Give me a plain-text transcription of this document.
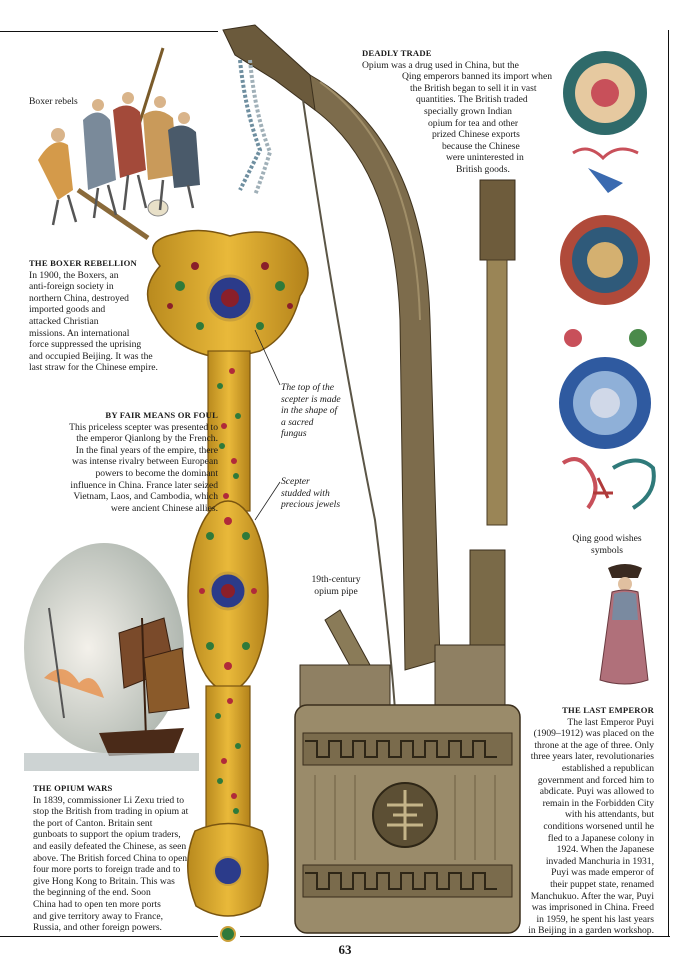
Boxer rebels
THE BOXER REBELLION
In 1900, the Boxers, an
anti-foreign society in
northern China, destroyed
imported goods and
attacked Christian
missions. An international
force suppressed the uprising
and occupied Beijing. It was the
last straw for the Chinese empire.
DEADLY TRADE
Opium was a drug used in China, but the
Qing emperors banned its import when
the British began to sell it in vast
quantities. The British traded
specially grown Indian
opium for tea and other
prized Chinese exports
because the Chinese
were uninterested in
British goods.
BY FAIR MEANS OR FOUL
This priceless scepter was presented to
the emperor Qianlong by the French.
In the final years of the empire, there
was intense rivalry between European
powers to become the dominant
influence in China. France later seized
Vietnam, Laos, and Cambodia, which
were ancient Chinese allies.
The top of the
scepter is made
in the shape of
a sacred
fungus
Scepter
studded with
precious jewels
19th-century
opium pipe
Qing good wishes
symbols
THE OPIUM WARS
In 1839, commissioner Li Zexu tried to
stop the British from trading in opium at
the port of Canton. Britain sent
gunboats to support the opium traders,
and easily defeated the Chinese, as seen
above. The British forced China to open
four more ports to foreign trade and to
give Hong Kong to Britain. This was
the beginning of the end. Soon
China had to open ten more ports
and give territory away to France,
Russia, and other foreign powers.
THE LAST EMPEROR
The last Emperor Puyi
(1909–1912) was placed on the
throne at the age of three. Only
three years later, revolutionaries
established a republican
government and forced him to
abdicate. Puyi was allowed to
remain in the Forbidden City
with his attendants, but
conditions worsened until he
fled to a Japanese colony in
1924. When the Japanese
invaded Manchuria in 1931,
Puyi was made emperor of
their puppet state, renamed
Manchukuo. After the war, Puyi
was imprisoned in China. Freed
in 1959, he spent his last years
in Beijing in a garden workshop.
63
